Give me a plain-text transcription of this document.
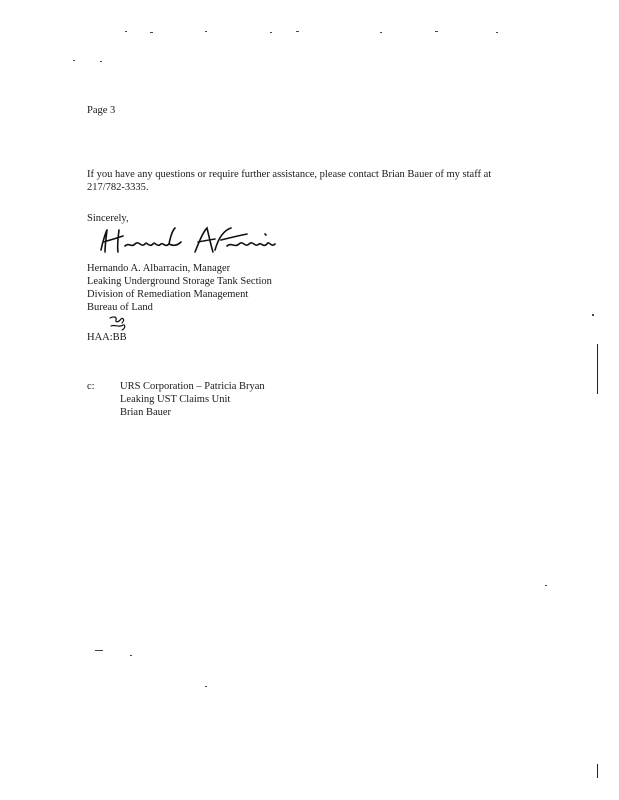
Page 3
If you have any questions or require further assistance, please contact Brian Bauer of my staff at
217/782-3335.
Sincerely,
Hernando A. Albarracin, Manager
Leaking Underground Storage Tank Section
Division of Remediation Management
Bureau of Land
HAA:BB
c: URS Corporation – Patricia Bryan
Leaking UST Claims Unit
Brian Bauer
